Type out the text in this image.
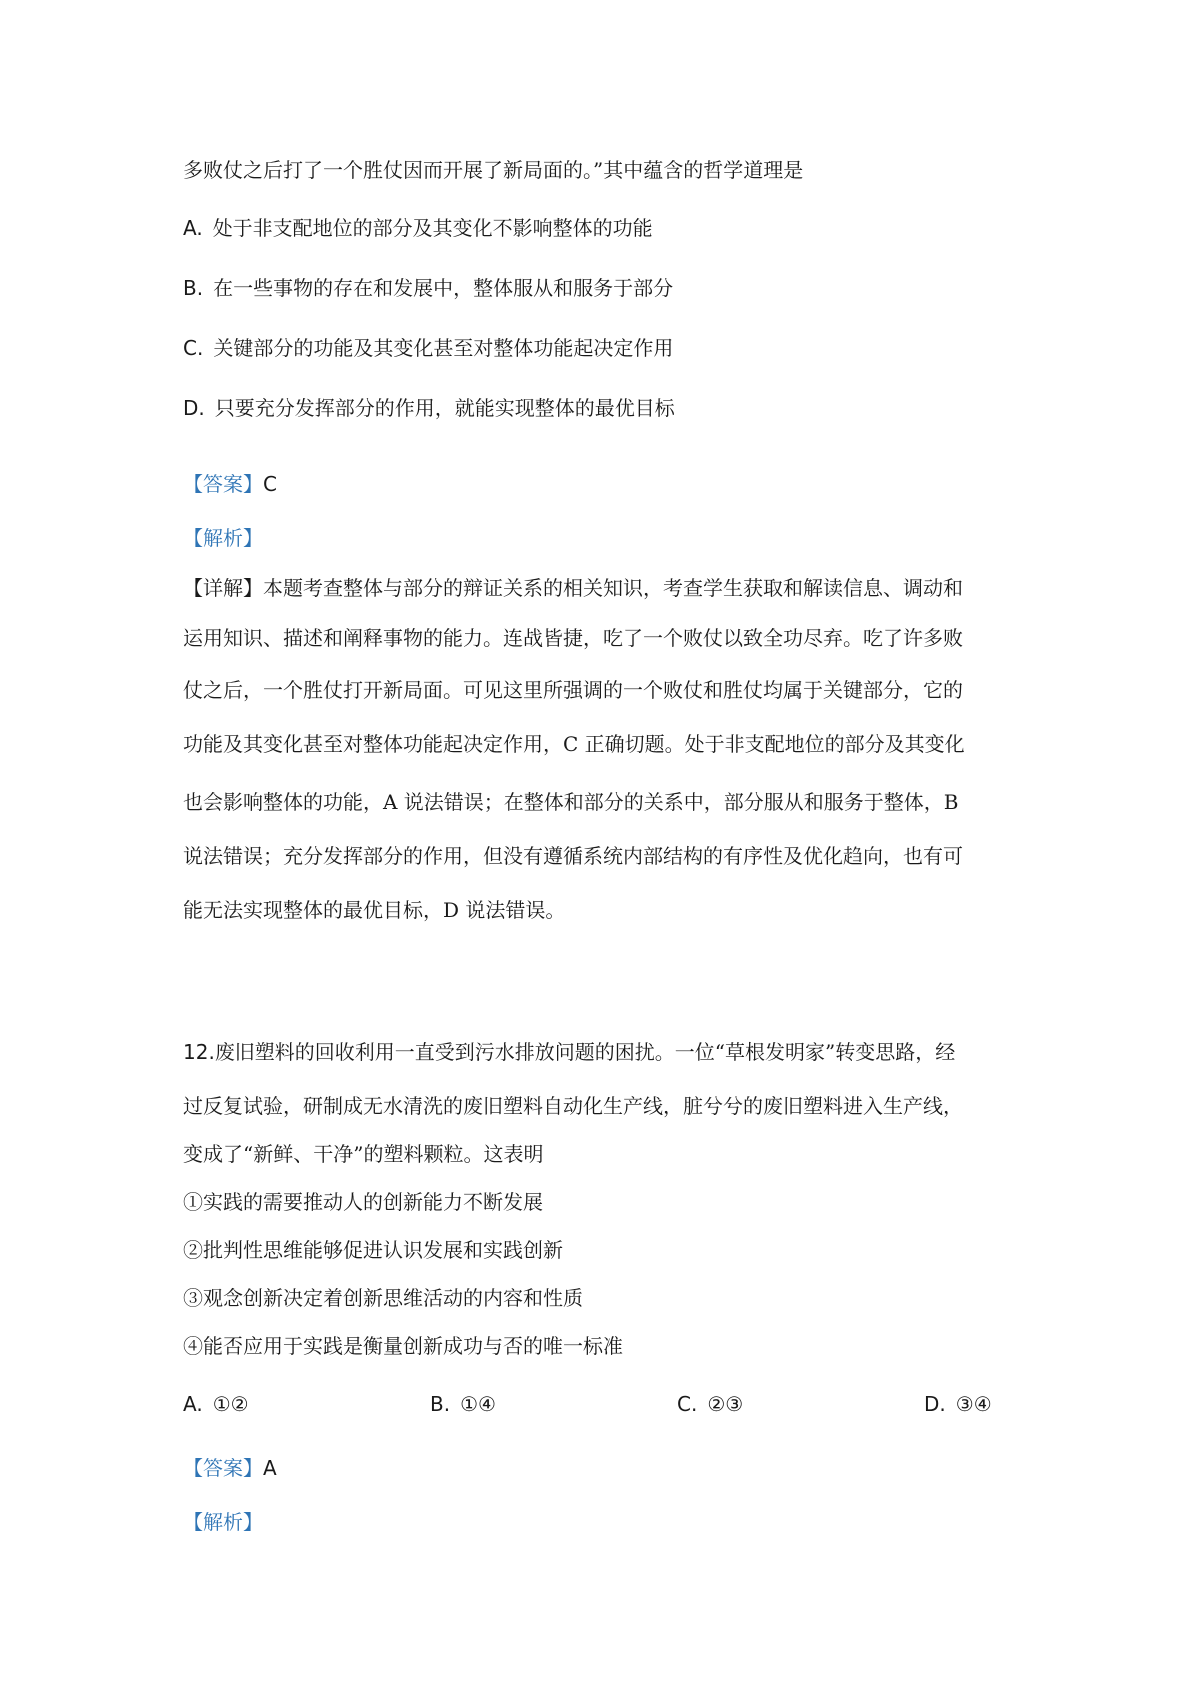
多败仗之后打了一个胜仗因而开展了新局面的。”其中蕴含的哲学道理是
A. 处于非支配地位的部分及其变化不影响整体的功能
B. 在一些事物的存在和发展中，整体服从和服务于部分
C. 关键部分的功能及其变化甚至对整体功能起决定作用
D. 只要充分发挥部分的作用，就能实现整体的最优目标
【答案】C
【解析】
【详解】本题考查整体与部分的辩证关系的相关知识，考查学生获取和解读信息、调动和
运用知识、描述和阐释事物的能力。连战皆捷，吃了一个败仗以致全功尽弃。吃了许多败
仗之后，一个胜仗打开新局面。可见这里所强调的一个败仗和胜仗均属于关键部分，它的
功能及其变化甚至对整体功能起决定作用，C 正确切题。处于非支配地位的部分及其变化
也会影响整体的功能，A 说法错误；在整体和部分的关系中，部分服从和服务于整体，B
说法错误；充分发挥部分的作用，但没有遵循系统内部结构的有序性及优化趋向，也有可
能无法实现整体的最优目标，D 说法错误。
12.废旧塑料的回收利用一直受到污水排放问题的困扰。一位“草根发明家”转变思路，经
过反复试验，研制成无水清洗的废旧塑料自动化生产线，脏兮兮的废旧塑料进入生产线，
变成了“新鲜、干净”的塑料颗粒。这表明
①实践的需要推动人的创新能力不断发展
②批判性思维能够促进认识发展和实践创新
③观念创新决定着创新思维活动的内容和性质
④能否应用于实践是衡量创新成功与否的唯一标准
A. ①②	B. ①④	C. ②③	D. ③④
【答案】A
【解析】
